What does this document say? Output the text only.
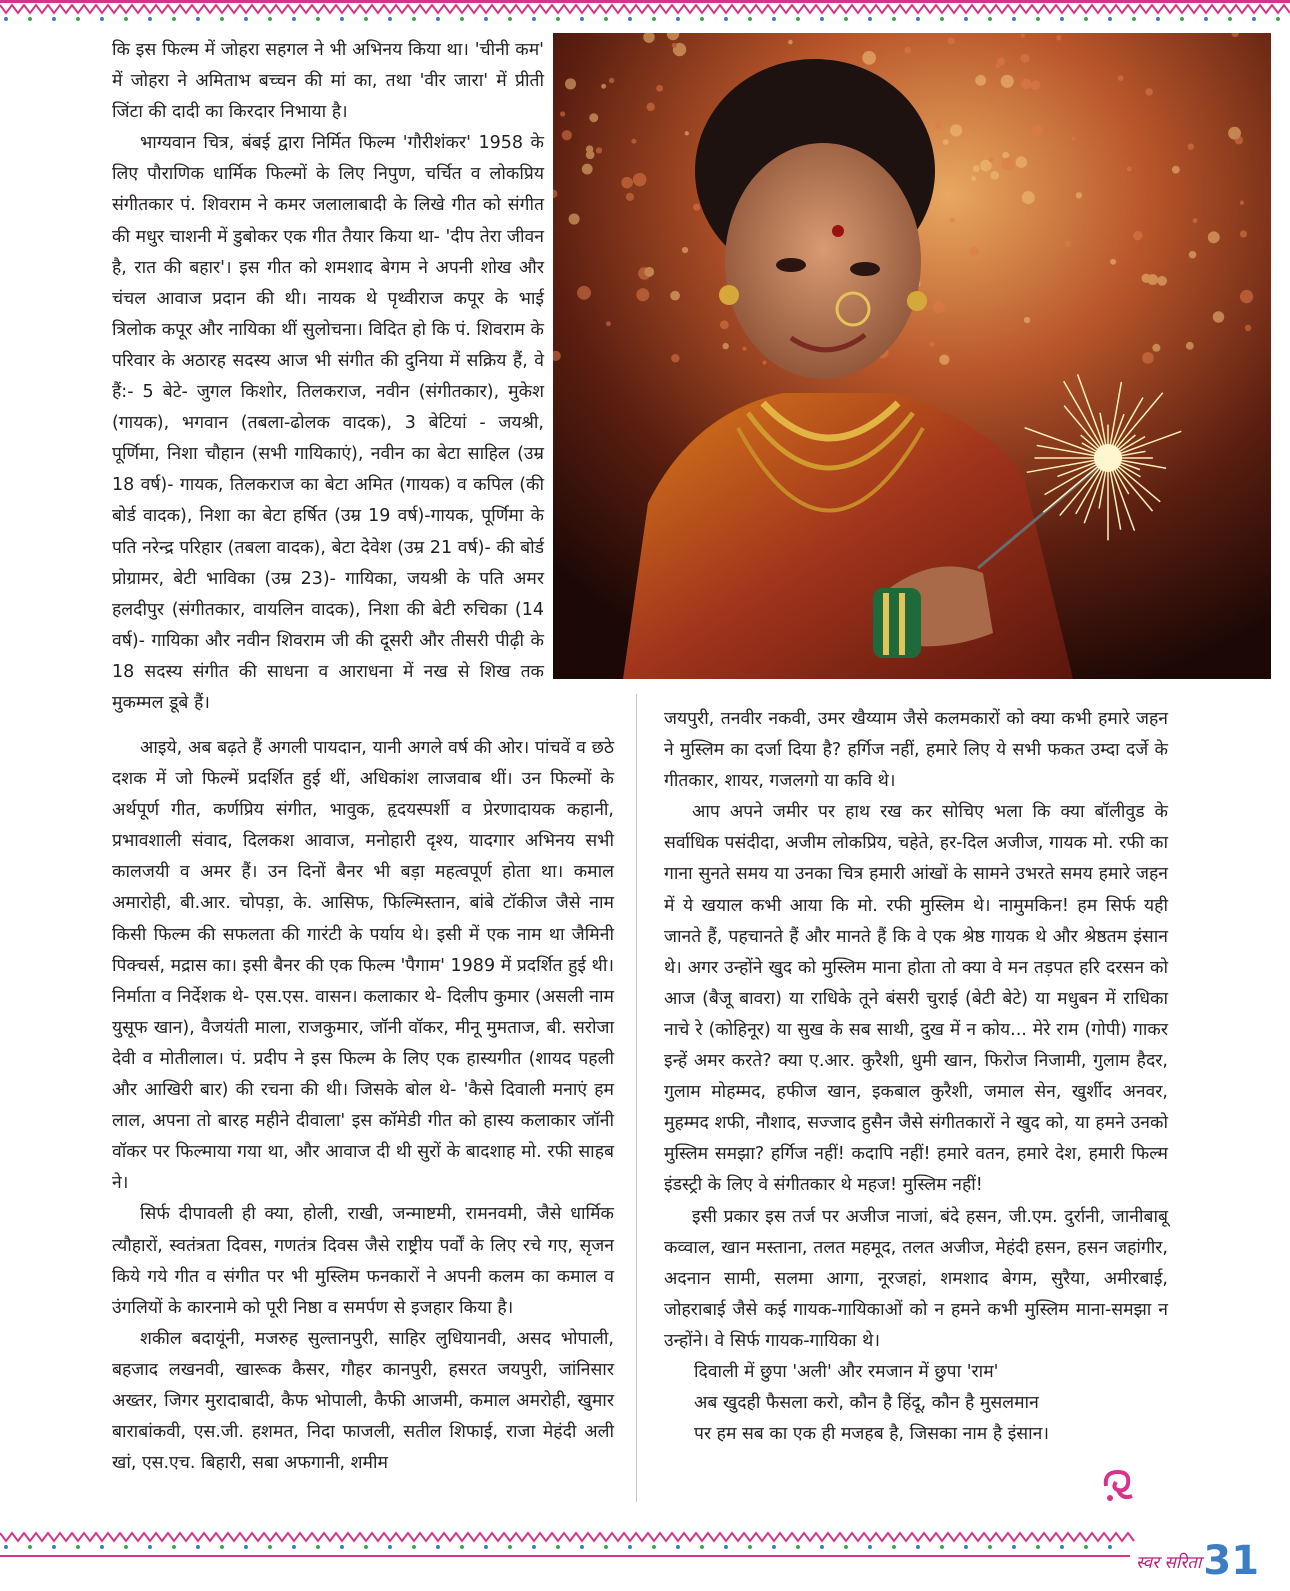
कि इस फिल्म में जोहरा सहगल ने भी अभिनय किया था। 'चीनी कम' में जोहरा ने अमिताभ बच्चन की मां का, तथा 'वीर जारा' में प्रीती जिंटा की दादी का किरदार निभाया है।

भाग्यवान चित्र, बंबई द्वारा निर्मित फिल्म 'गौरीशंकर' 1958 के लिए पौराणिक धार्मिक फिल्मों के लिए निपुण, चर्चित व लोकप्रिय संगीतकार पं. शिवराम ने कमर जलालाबादी के लिखे गीत को संगीत की मधुर चाशनी में डुबोकर एक गीत तैयार किया था- 'दीप तेरा जीवन है, रात की बहार'। इस गीत को शमशाद बेगम ने अपनी शोख और चंचल आवाज प्रदान की थी। नायक थे पृथ्वीराज कपूर के भाई त्रिलोक कपूर और नायिका थीं सुलोचना। विदित हो कि पं. शिवराम के परिवार के अठारह सदस्य आज भी संगीत की दुनिया में सक्रिय हैं, वे हैं:- 5 बेटे- जुगल किशोर, तिलकराज, नवीन (संगीतकार), मुकेश (गायक), भगवान (तबला-ढोलक वादक), 3 बेटियां - जयश्री, पूर्णिमा, निशा चौहान (सभी गायिकाएं), नवीन का बेटा साहिल (उम्र 18 वर्ष)- गायक, तिलकराज का बेटा अमित (गायक) व कपिल (की बोर्ड वादक), निशा का बेटा हर्षित (उम्र 19 वर्ष)-गायक, पूर्णिमा के पति नरेन्द्र परिहार (तबला वादक), बेटा देवेश (उम्र 21 वर्ष)- की बोर्ड प्रोग्रामर, बेटी भाविका (उम्र 23)- गायिका, जयश्री के पति अमर हलदीपुर (संगीतकार, वायलिन वादक), निशा की बेटी रुचिका (14 वर्ष)- गायिका और नवीन शिवराम जी की दूसरी और तीसरी पीढ़ी के 18 सदस्य संगीत की साधना व आराधना में नख से शिख तक मुकम्मल डूबे हैं।

आइये, अब बढ़ते हैं अगली पायदान, यानी अगले वर्ष की ओर। पांचवें व छठे दशक में जो फिल्में प्रदर्शित हुई थीं, अधिकांश लाजवाब थीं। उन फिल्मों के अर्थपूर्ण गीत, कर्णप्रिय संगीत, भावुक, हृदयस्पर्शी व प्रेरणादायक कहानी, प्रभावशाली संवाद, दिलकश आवाज, मनोहारी दृश्य, यादगार अभिनय सभी कालजयी व अमर हैं। उन दिनों बैनर भी बड़ा महत्वपूर्ण होता था। कमाल अमारोही, बी.आर. चोपड़ा, के. आसिफ, फिल्मिस्तान, बांबे टॉकीज जैसे नाम किसी फिल्म की सफलता की गारंटी के पर्याय थे। इसी में एक नाम था जैमिनी पिक्चर्स, मद्रास का। इसी बैनर की एक फिल्म 'पैगाम' 1989 में प्रदर्शित हुई थी। निर्माता व निर्देशक थे- एस.एस. वासन। कलाकार थे- दिलीप कुमार (असली नाम युसूफ खान), वैजयंती माला, राजकुमार, जॉनी वॉकर, मीनू मुमताज, बी. सरोजा देवी व मोतीलाल। पं. प्रदीप ने इस फिल्म के लिए एक हास्यगीत (शायद पहली और आखिरी बार) की रचना की थी। जिसके बोल थे- 'कैसे दिवाली मनाएं हम लाल, अपना तो बारह महीने दीवाला' इस कॉमेडी गीत को हास्य कलाकार जॉनी वॉकर पर फिल्माया गया था, और आवाज दी थी सुरों के बादशाह मो. रफी साहब ने।

सिर्फ दीपावली ही क्या, होली, राखी, जन्माष्टमी, रामनवमी, जैसे धार्मिक त्यौहारों, स्वतंत्रता दिवस, गणतंत्र दिवस जैसे राष्ट्रीय पर्वों के लिए रचे गए, सृजन किये गये गीत व संगीत पर भी मुस्लिम फनकारों ने अपनी कलम का कमाल व उंगलियों के कारनामे को पूरी निष्ठा व समर्पण से इजहार किया है।

शकील बदायूंनी, मजरुह सुल्तानपुरी, साहिर लुधियानवी, असद भोपाली, बहजाद लखनवी, खारूक कैसर, गौहर कानपुरी, हसरत जयपुरी, जांनिसार अख्तर, जिगर मुरादाबादी, कैफ भोपाली, कैफी आजमी, कमाल अमरोही, खुमार बाराबांकवी, एस.जी. हशमत, निदा फाजली, सतील शिफाई, राजा मेहंदी अली खां, एस.एच. बिहारी, सबा अफगानी, शमीम

जयपुरी, तनवीर नकवी, उमर खैय्याम जैसे कलमकारों को क्या कभी हमारे जहन ने मुस्लिम का दर्जा दिया है? हर्गिज नहीं, हमारे लिए ये सभी फकत उम्दा दर्जे के गीतकार, शायर, गजलगो या कवि थे।

आप अपने जमीर पर हाथ रख कर सोचिए भला कि क्या बॉलीवुड के सर्वाधिक पसंदीदा, अजीम लोकप्रिय, चहेते, हर-दिल अजीज, गायक मो. रफी का गाना सुनते समय या उनका चित्र हमारी आंखों के सामने उभरते समय हमारे जहन में ये खयाल कभी आया कि मो. रफी मुस्लिम थे। नामुमकिन! हम सिर्फ यही जानते हैं, पहचानते हैं और मानते हैं कि वे एक श्रेष्ठ गायक थे और श्रेष्ठतम इंसान थे। अगर उन्होंने खुद को मुस्लिम माना होता तो क्या वे मन तड़पत हरि दरसन को आज (बैजू बावरा) या राधिके तूने बंसरी चुराई (बेटी बेटे) या मधुबन में राधिका नाचे रे (कोहिनूर) या सुख के सब साथी, दुख में न कोय... मेरे राम (गोपी) गाकर इन्हें अमर करते? क्या ए.आर. कुरैशी, धुमी खान, फिरोज निजामी, गुलाम हैदर, गुलाम मोहम्मद, हफीज खान, इकबाल कुरैशी, जमाल सेन, खुर्शीद अनवर, मुहम्मद शफी, नौशाद, सज्जाद हुसैन जैसे संगीतकारों ने खुद को, या हमने उनको मुस्लिम समझा? हर्गिज नहीं! कदापि नहीं! हमारे वतन, हमारे देश, हमारी फिल्म इंडस्ट्री के लिए वे संगीतकार थे महज! मुस्लिम नहीं!

इसी प्रकार इस तर्ज पर अजीज नाजां, बंदे हसन, जी.एम. दुर्रानी, जानीबाबू कव्वाल, खान मस्ताना, तलत महमूद, तलत अजीज, मेहंदी हसन, हसन जहांगीर, अदनान सामी, सलमा आगा, नूरजहां, शमशाद बेगम, सुरैया, अमीरबाई, जोहराबाई जैसे कई गायक-गायिकाओं को न हमने कभी मुस्लिम माना-समझा न उन्होंने। वे सिर्फ गायक-गायिका थे।

दिवाली में छुपा 'अली' और रमजान में छुपा 'राम'
अब खुदही फैसला करो, कौन है हिंदू, कौन है मुसलमान
पर हम सब का एक ही मजहब है, जिसका नाम है इंसान।
स्वर सरिता 31
